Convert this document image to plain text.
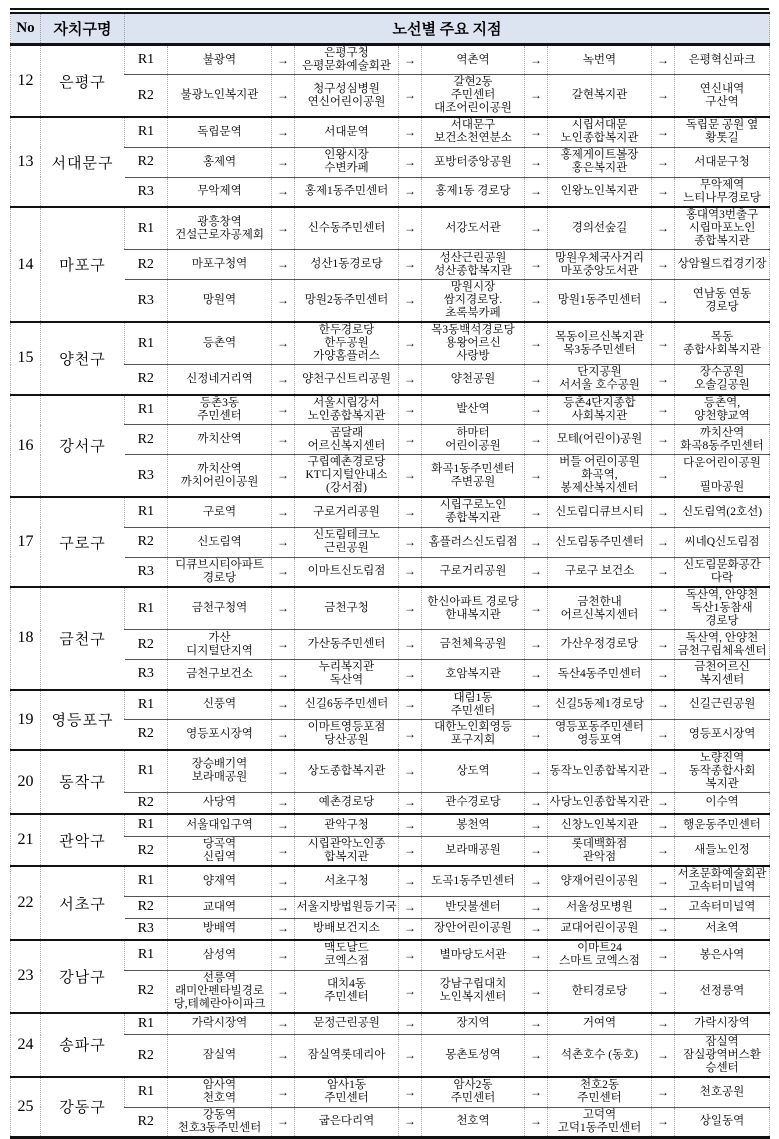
No	자치구명	노선별 주요 지점									
12	은평구	R1	불광역	→	은평구청
은평문화예술회관	→	역촌역	→	녹번역	→	은평혁신파크

		R2	불광노인복지관	→	청구성심병원
연신어린이공원	→	갈현2동
주민센터
대조어린이공원	→	갈현복지관	→	연신내역
구산역

13	서대문구	R1	독립문역	→	서대문역	→	서대문구
보건소천연분소	→	시립서대문
노인종합복지관	→	독립문 공원 옆
황톳길

		R2	홍제역	→	인왕시장
수변카페	→	포방터중앙공원	→	홍제게이트볼장
홍은복지관	→	서대문구청

		R3	무악제역	→	홍제1동주민센터	→	홍제1동 경로당	→	인왕노인복지관	→	무악제역
느티나무경로당

14	마포구	R1	광흥창역
건설근로자공제회	→	신수동주민센터	→	서강도서관	→	경의선숲길	→	홍대역3번출구
시립마포노인
종합복지관

		R2	마포구청역	→	성산1동경로당	→	성산근린공원
성산종합복지관	→	망원우체국사거리
마포중앙도서관	→	상암월드컵경기장

		R3	망원역	→	망원2동주민센터	→	망원시장
쌈지경로당.
초록북카페	→	망원1동주민센터	→	연남동 연동
경로당

15	양천구	R1	등촌역	→	한두경로당
한두공원
가양홈플러스	→	목3동백석경로당
용왕어르신
사랑방	→	목동이르신복지관
목3동주민센터	→	목동
종합사회복지관

		R2	신정네거리역	→	양천구신트리공원	→	양천공원	→	단지공원
서서울 호수공원	→	장수공원
오솔길공원

16	강서구	R1	등촌3동
주민센터	→	서울시립강서
노인종합복지관	→	발산역	→	등촌4단지종합
사회복지관	→	등촌역,
양천향교역

		R2	까치산역	→	곰달래
어르신복지센터	→	하마터
어린이공원	→	모테(어린이)공원	→	까치산역
화곡8동주민센터

		R3	까치산역
까치어린이공원	→	구립예촌경로당
KT디지털안내소
(강서점)	→	화곡1동주민센터
주변공원	→	버들 어린이공원
화곡역,
봉제산복지센터	→	다운어린이공원
필마공원

17	구로구	R1	구로역	→	구로거리공원	→	시립구로노인
종합복지관	→	신도림디큐브시티	→	신도림역(2호선)

		R2	신도림역	→	신도림테크노
근린공원	→	홈플러스신도림점	→	신도림동주민센터	→	씨네Q신도림점

		R3	디큐브시티아파트
경로당	→	이마트신도림점	→	구로거리공원	→	구로구 보건소	→	신도림문화공간
다락

18	금천구	R1	금천구청역	→	금천구청	→	한신아파트 경로당
한내복지관	→	금천한내
어르신복지센터	→	독산역, 안양천
독산1동참새
경로당

		R2	가산
디지털단지역	→	가산동주민센터	→	금천체육공원	→	가산우정경로당	→	독산역, 안양천
금천구립체육센터

		R3	금천구보건소	→	누리복지관
독산역	→	호암복지관	→	독산4동주민센터	→	금천어르신
복지센터

19	영등포구	R1	신풍역	→	신길6동주민센터	→	대림1동
주민센터	→	신길5동제1경로당	→	신길근린공원

		R2	영등포시장역	→	이마트영등포점
당산공원	→	대한노인회영등
포구지회	→	영등포동주민센터
영등포역	→	영등포시장역

20	동작구	R1	장승배기역
보라매공원	→	상도종합복지관	→	상도역	→	동작노인종합복지관	→	노량진역
동작종합사회
복지관

		R2	사당역	→	예촌경로당	→	관수경로당	→	사당노인종합복지관	→	이수역

21	관악구	R1	서울대입구역	→	관악구청	→	봉천역	→	신창노인복지관	→	행운동주민센터

		R2	당곡역
신림역	→	시립관악노인종
합복지관	→	보라매공원	→	롯데백화점
관악점	→	새들노인정

22	서초구	R1	양재역	→	서초구청	→	도곡1동주민센터	→	양재어린이공원	→	서초문화예술회관
고속터미널역

		R2	교대역	→	서울지방법원등기국	→	반딧불센터	→	서울성모병원	→	고속터미널역

		R3	방배역	→	방배보건지소	→	장안어린이공원	→	교대어린이공원	→	서초역

23	강남구	R1	삼성역	→	맥도날드
코엑스점	→	별마당도서관	→	이마트24
스마트 코엑스점	→	봉은사역

		R2	선릉역
래미안펜타빌경로
당,테헤란아이파크	→	대치4동
주민센터	→	강남구립대치
노인복지센터	→	한티경로당	→	선정릉역

24	송파구	R1	가락시장역	→	문정근린공원	→	장지역	→	거여역	→	가락시장역

		R2	잠실역	→	잠실역롯데리아	→	몽촌토성역	→	석촌호수 (동호)	→	잠실역
잠실광역버스환
승센터

25	강동구	R1	암사역
천호역	→	암사1동
주민센터	→	암사2동
주민센터	→	천호2동
주민센터	→	천호공원

		R2	강동역
천호3동주민센터	→	굽은다리역	→	천호역	→	고덕역
고덕1동주민센터	→	상일동역
